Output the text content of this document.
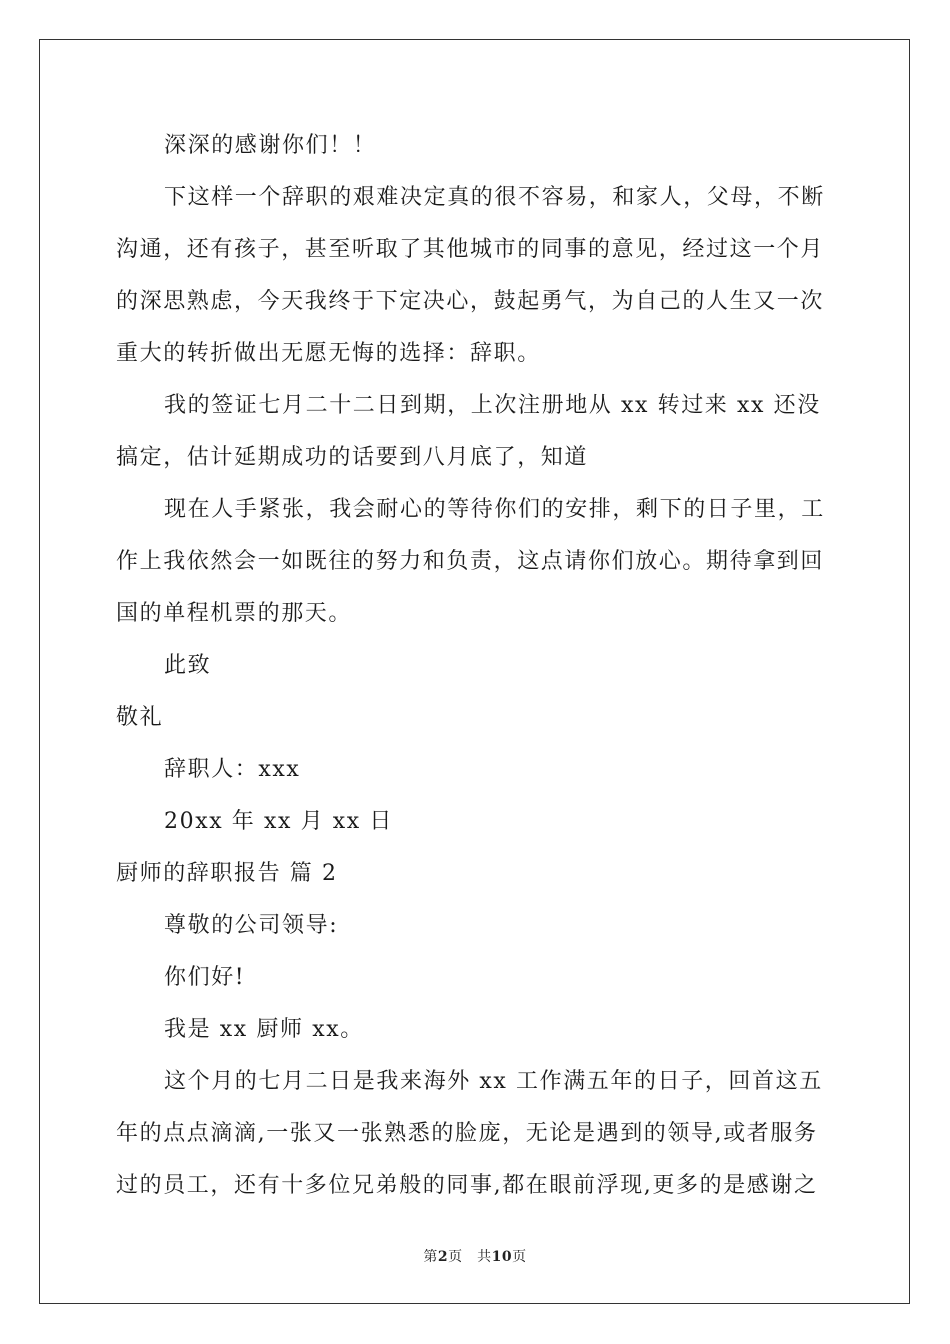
深深的感谢你们！！

下这样一个辞职的艰难决定真的很不容易，和家人，父母，不断沟通，还有孩子，甚至听取了其他城市的同事的意见，经过这一个月的深思熟虑，今天我终于下定决心，鼓起勇气，为自己的人生又一次重大的转折做出无愿无悔的选择：辞职。

我的签证七月二十二日到期，上次注册地从 xx 转过来 xx 还没搞定，估计延期成功的话要到八月底了，知道

现在人手紧张，我会耐心的等待你们的安排，剩下的日子里，工作上我依然会一如既往的努力和负责，这点请你们放心。期待拿到回国的单程机票的那天。

此致

敬礼

辞职人：xxx

20xx 年 xx 月 xx 日

厨师的辞职报告 篇 2

尊敬的公司领导:

你们好!

我是 xx 厨师 xx。

这个月的七月二日是我来海外 xx 工作满五年的日子，回首这五年的点点滴滴,一张又一张熟悉的脸庞，无论是遇到的领导,或者服务过的员工，还有十多位兄弟般的同事,都在眼前浮现,更多的是感谢之

第2页　共10页
